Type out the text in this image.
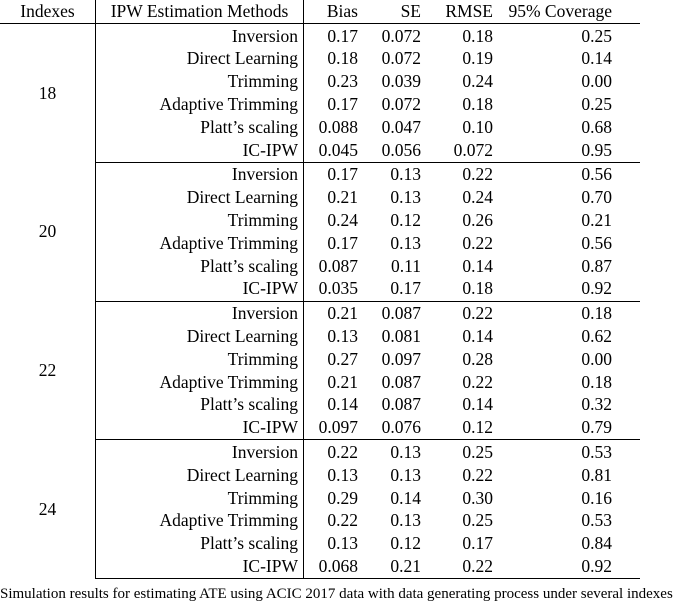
Indexes	IPW Estimation Methods	Bias	SE	RMSE	95% Coverage
18	Inversion	0.17	0.072	0.18	0.25
	Direct Learning	0.18	0.072	0.19	0.14
	Trimming	0.23	0.039	0.24	0.00
	Adaptive Trimming	0.17	0.072	0.18	0.25
	Platt’s scaling	0.088	0.047	0.10	0.68
	IC-IPW	0.045	0.056	0.072	0.95
20	Inversion	0.17	0.13	0.22	0.56
	Direct Learning	0.21	0.13	0.24	0.70
	Trimming	0.24	0.12	0.26	0.21
	Adaptive Trimming	0.17	0.13	0.22	0.56
	Platt’s scaling	0.087	0.11	0.14	0.87
	IC-IPW	0.035	0.17	0.18	0.92
22	Inversion	0.21	0.087	0.22	0.18
	Direct Learning	0.13	0.081	0.14	0.62
	Trimming	0.27	0.097	0.28	0.00
	Adaptive Trimming	0.21	0.087	0.22	0.18
	Platt’s scaling	0.14	0.087	0.14	0.32
	IC-IPW	0.097	0.076	0.12	0.79
24	Inversion	0.22	0.13	0.25	0.53
	Direct Learning	0.13	0.13	0.22	0.81
	Trimming	0.29	0.14	0.30	0.16
	Adaptive Trimming	0.22	0.13	0.25	0.53
	Platt’s scaling	0.13	0.12	0.17	0.84
	IC-IPW	0.068	0.21	0.22	0.92
Simulation results for estimating ATE using ACIC 2017 data with data generating process under several indexes
